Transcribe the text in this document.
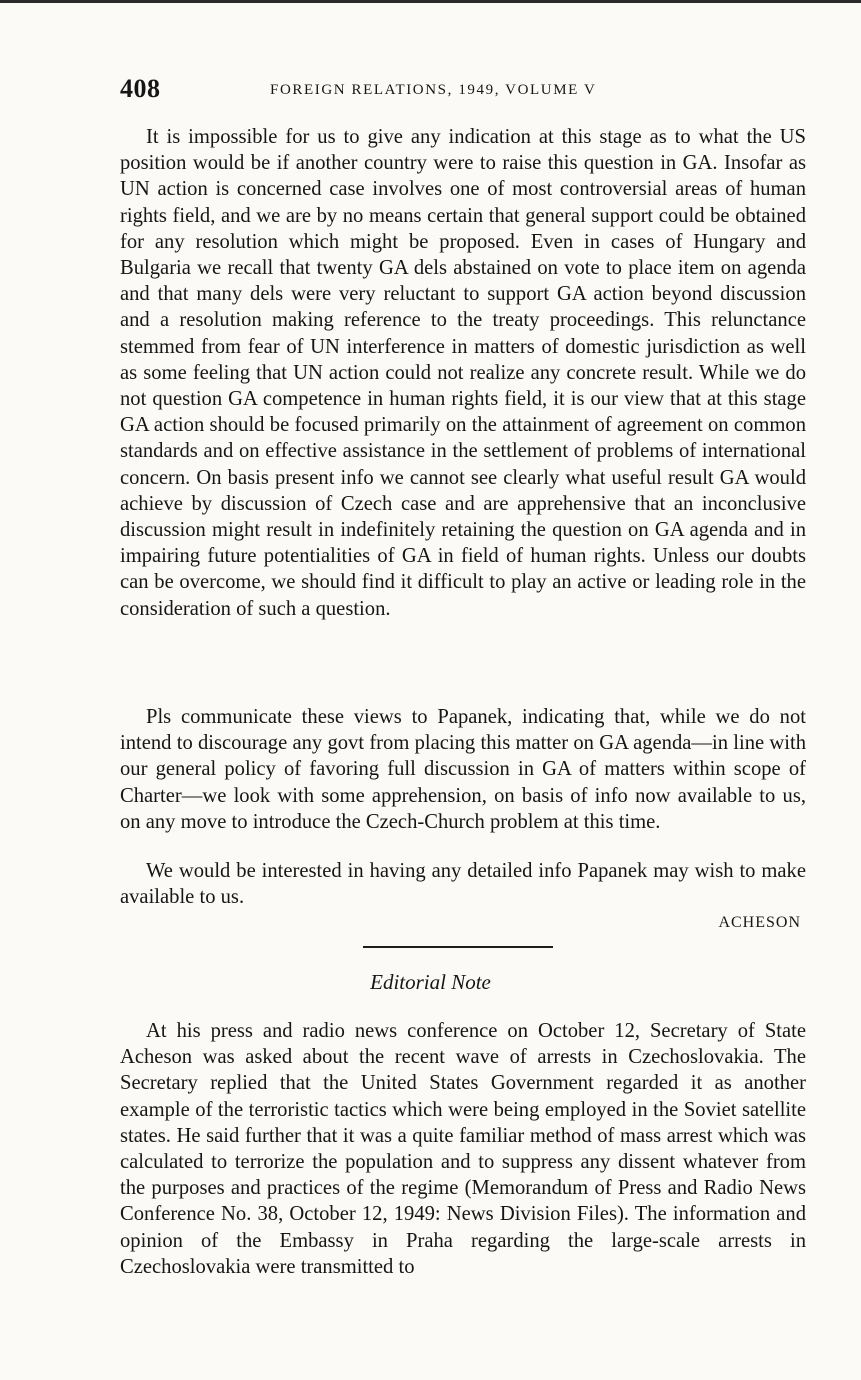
408	FOREIGN RELATIONS, 1949, VOLUME V

It is impossible for us to give any indication at this stage as to what the US position would be if another country were to raise this question in GA. Insofar as UN action is concerned case involves one of most controversial areas of human rights field, and we are by no means certain that general support could be obtained for any resolution which might be proposed. Even in cases of Hungary and Bulgaria we recall that twenty GA dels abstained on vote to place item on agenda and that many dels were very reluctant to support GA action beyond discussion and a resolution making reference to the treaty proceedings. This relunctance stemmed from fear of UN interference in matters of domestic jurisdiction as well as some feeling that UN action could not realize any concrete result. While we do not question GA competence in human rights field, it is our view that at this stage GA action should be focused primarily on the attainment of agreement on common standards and on effective assistance in the settlement of problems of international concern. On basis present info we cannot see clearly what useful result GA would achieve by discussion of Czech case and are apprehensive that an inconclusive discussion might result in indefinitely retaining the question on GA agenda and in impairing future potentialities of GA in field of human rights. Unless our doubts can be overcome, we should find it difficult to play an active or leading role in the consideration of such a question.

Pls communicate these views to Papanek, indicating that, while we do not intend to discourage any govt from placing this matter on GA agenda—in line with our general policy of favoring full discussion in GA of matters within scope of Charter—we look with some apprehension, on basis of info now available to us, on any move to introduce the Czech-Church problem at this time.

We would be interested in having any detailed info Papanek may wish to make available to us.

ACHESON
Editorial Note

At his press and radio news conference on October 12, Secretary of State Acheson was asked about the recent wave of arrests in Czechoslovakia. The Secretary replied that the United States Government regarded it as another example of the terroristic tactics which were being employed in the Soviet satellite states. He said further that it was a quite familiar method of mass arrest which was calculated to terrorize the population and to suppress any dissent whatever from the purposes and practices of the regime (Memorandum of Press and Radio News Conference No. 38, October 12, 1949: News Division Files). The information and opinion of the Embassy in Praha regarding the large-scale arrests in Czechoslovakia were transmitted to
